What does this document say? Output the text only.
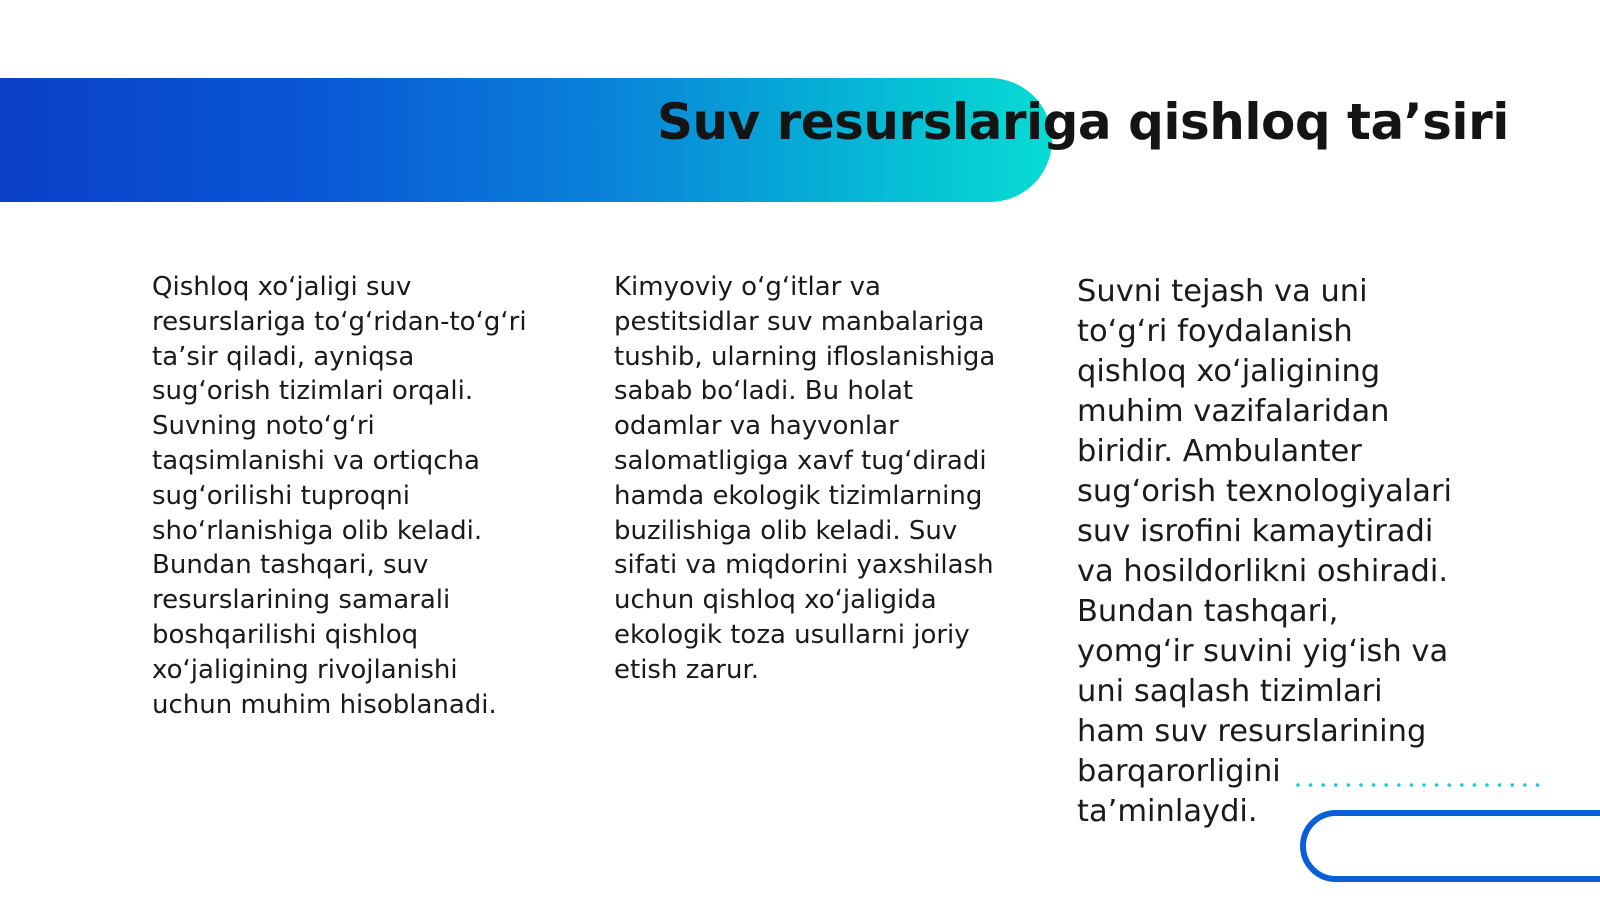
Suv resurslariga qishloq ta’siri

Qishloq xo‘jaligi suv resurslariga to‘g‘ridan-to‘g‘ri ta’sir qiladi, ayniqsa sug‘orish tizimlari orqali. Suvning noto‘g‘ri taqsimlanishi va ortiqcha sug‘orilishi tuproqni sho‘rlanishiga olib keladi. Bundan tashqari, suv resurslarining samarali boshqarilishi qishloq xo‘jaligining rivojlanishi uchun muhim hisoblanadi.

Kimyoviy o‘g‘itlar va pestitsidlar suv manbalariga tushib, ularning ifloslanishiga sabab bo‘ladi. Bu holat odamlar va hayvonlar salomatligiga xavf tug‘diradi hamda ekologik tizimlarning buzilishiga olib keladi. Suv sifati va miqdorini yaxshilash uchun qishloq xo‘jaligida ekologik toza usullarni joriy etish zarur.

Suvni tejash va uni to‘g‘ri foydalanish qishloq xo‘jaligining muhim vazifalaridan biridir. Ambulanter sug‘orish texnologiyalari suv isrofini kamaytiradi va hosildorlikni oshiradi. Bundan tashqari, yomg‘ir suvini yig‘ish va uni saqlash tizimlari ham suv resurslarining barqarorligini ta’minlaydi.
